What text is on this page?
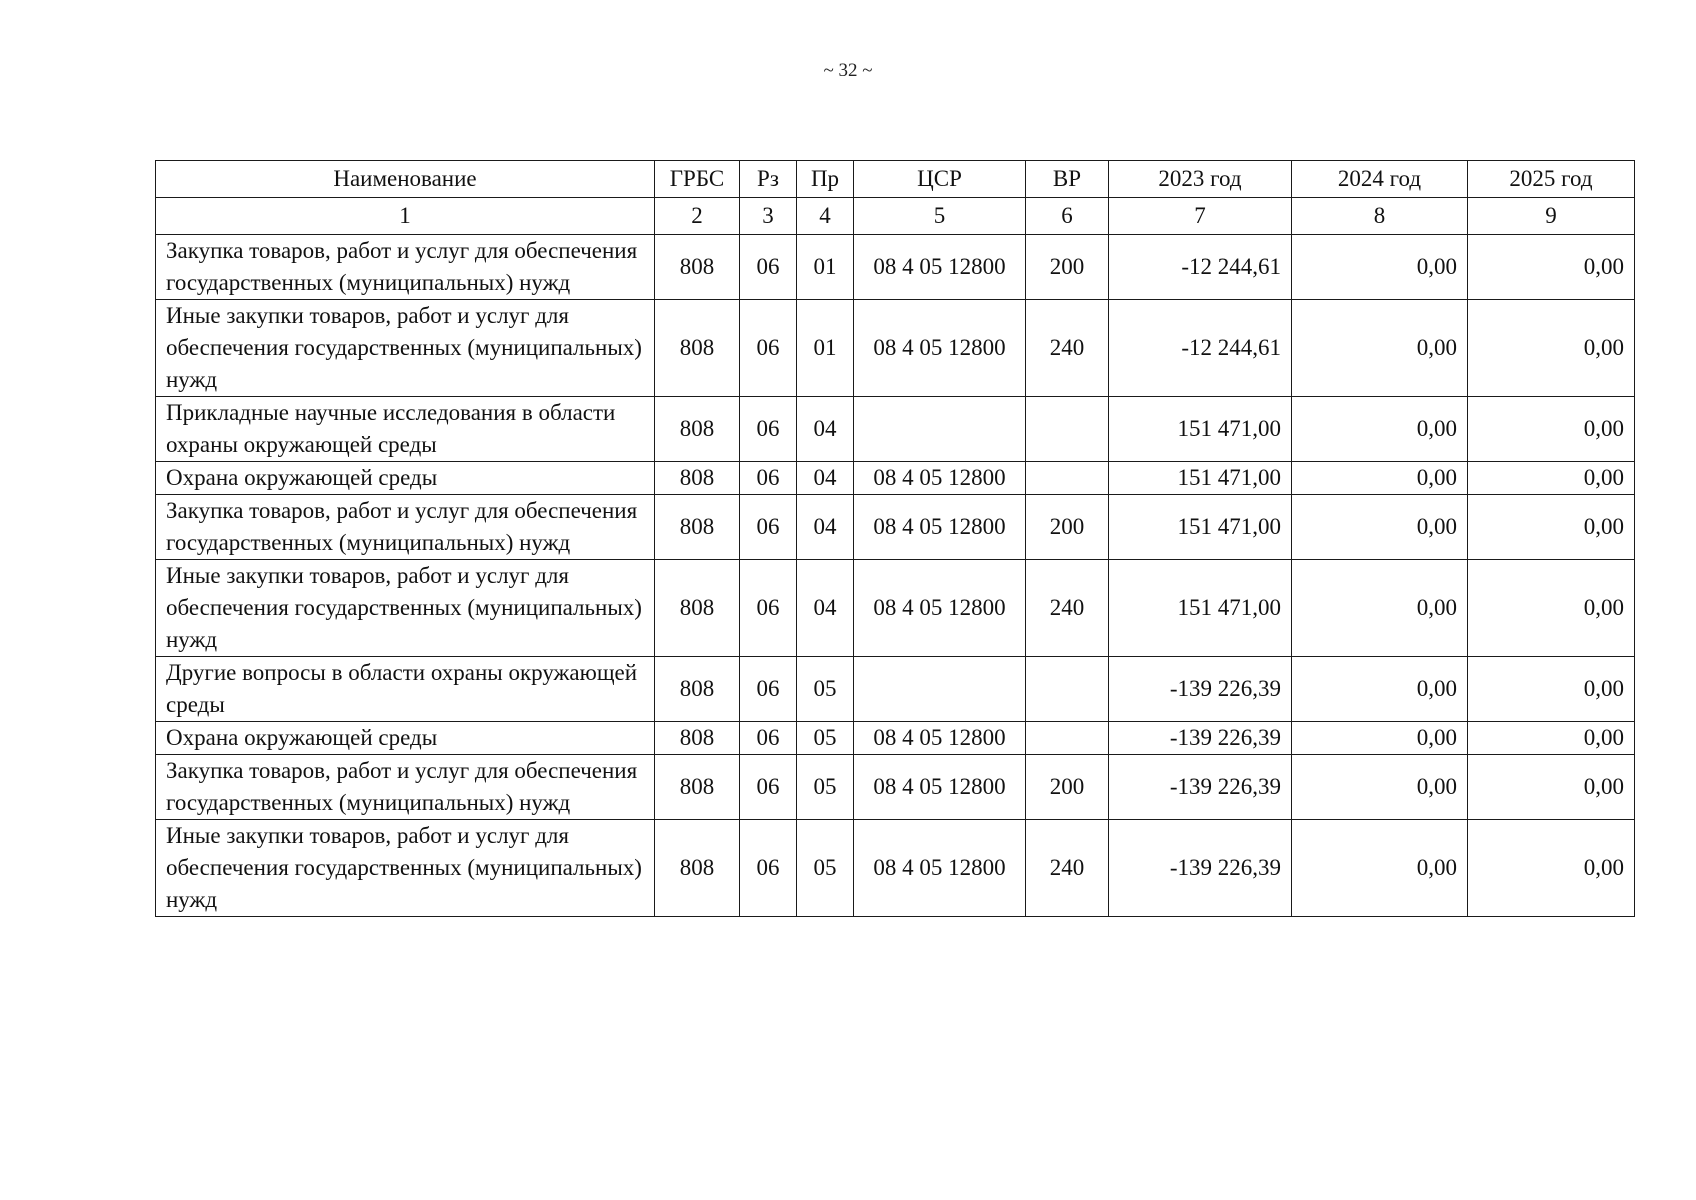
~ 32 ~
Наименование	ГРБС	Рз	Пр	ЦСР	ВР	2023 год	2024 год	2025 год
1	2	3	4	5	6	7	8	9
Закупка товаров, работ и услуг для обеспечения государственных (муниципальных) нужд	808	06	01	08 4 05 12800	200	-12 244,61	0,00	0,00
Иные закупки товаров, работ и услуг для обеспечения государственных (муниципальных) нужд	808	06	01	08 4 05 12800	240	-12 244,61	0,00	0,00
Прикладные научные исследования в области охраны окружающей среды	808	06	04			151 471,00	0,00	0,00
Охрана окружающей среды	808	06	04	08 4 05 12800		151 471,00	0,00	0,00
Закупка товаров, работ и услуг для обеспечения государственных (муниципальных) нужд	808	06	04	08 4 05 12800	200	151 471,00	0,00	0,00
Иные закупки товаров, работ и услуг для обеспечения государственных (муниципальных) нужд	808	06	04	08 4 05 12800	240	151 471,00	0,00	0,00
Другие вопросы в области охраны окружающей среды	808	06	05			-139 226,39	0,00	0,00
Охрана окружающей среды	808	06	05	08 4 05 12800		-139 226,39	0,00	0,00
Закупка товаров, работ и услуг для обеспечения государственных (муниципальных) нужд	808	06	05	08 4 05 12800	200	-139 226,39	0,00	0,00
Иные закупки товаров, работ и услуг для обеспечения государственных (муниципальных) нужд	808	06	05	08 4 05 12800	240	-139 226,39	0,00	0,00
